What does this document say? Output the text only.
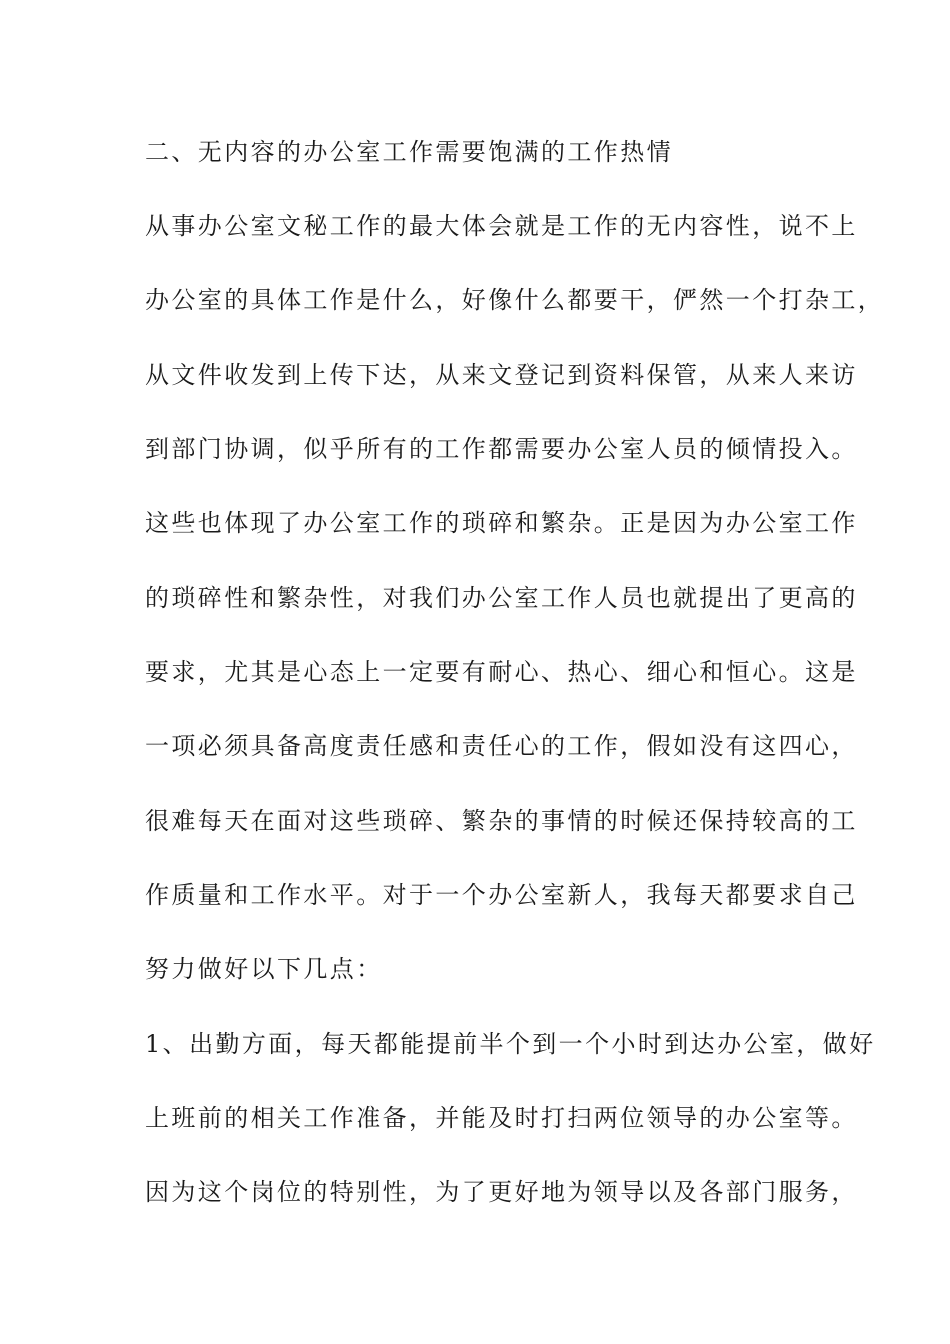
二、无内容的办公室工作需要饱满的工作热情

从事办公室文秘工作的最大体会就是工作的无内容性，说不上

办公室的具体工作是什么，好像什么都要干，俨然一个打杂工，

从文件收发到上传下达，从来文登记到资料保管，从来人来访

到部门协调，似乎所有的工作都需要办公室人员的倾情投入。

这些也体现了办公室工作的琐碎和繁杂。正是因为办公室工作

的琐碎性和繁杂性，对我们办公室工作人员也就提出了更高的

要求，尤其是心态上一定要有耐心、热心、细心和恒心。这是

一项必须具备高度责任感和责任心的工作，假如没有这四心，

很难每天在面对这些琐碎、繁杂的事情的时候还保持较高的工

作质量和工作水平。对于一个办公室新人，我每天都要求自己

努力做好以下几点：

1、出勤方面，每天都能提前半个到一个小时到达办公室，做好

上班前的相关工作准备，并能及时打扫两位领导的办公室等。

因为这个岗位的特别性，为了更好地为领导以及各部门服务，
